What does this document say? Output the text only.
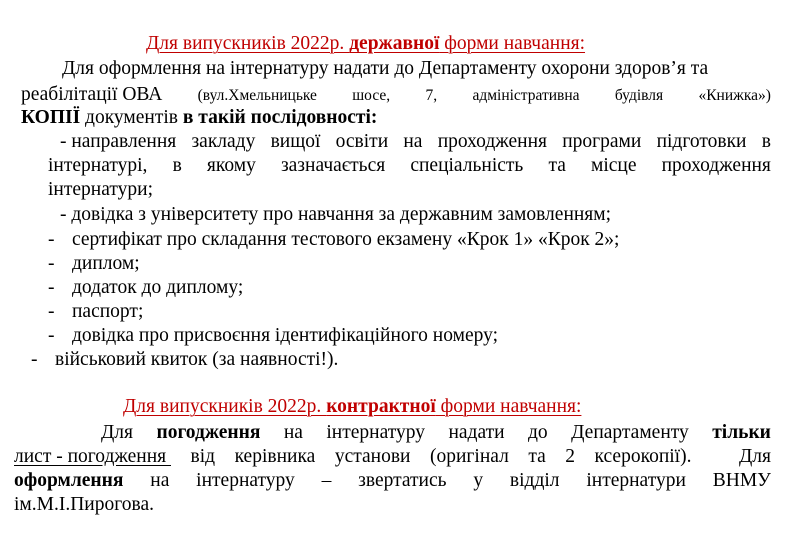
Для випускників 2022р. державної форми навчання:
Для оформлення на інтернатуру надати до Департаменту охорони здоров’я та
реабілітації ОВА (вул.Хмельницьке шосе, 7, адміністративна будівля «Книжка»)
КОПІЇ документів в такій послідовності:
- направлення закладу вищої освіти на проходження програми підготовки в
інтернатурі, в якому зазначається спеціальність та місце проходження
інтернатури;
- довідка з університету про навчання за державним замовленням;
- сертифікат про складання тестового екзамену «Крок 1» «Крок 2»;
- диплом;
- додаток до диплому;
- паспорт;
- довідка про присвоєння ідентифікаційного номеру;
- військовий квиток (за наявності!).
Для випускників 2022р. контрактної форми навчання:
Для погодження на інтернатуру надати до Департаменту тільки
лист - погодження від керівника установи (оригінал та 2 ксерокопії). Для
оформлення на інтернатуру – звертатись у відділ інтернатури ВНМУ
ім.М.І.Пирогова.
